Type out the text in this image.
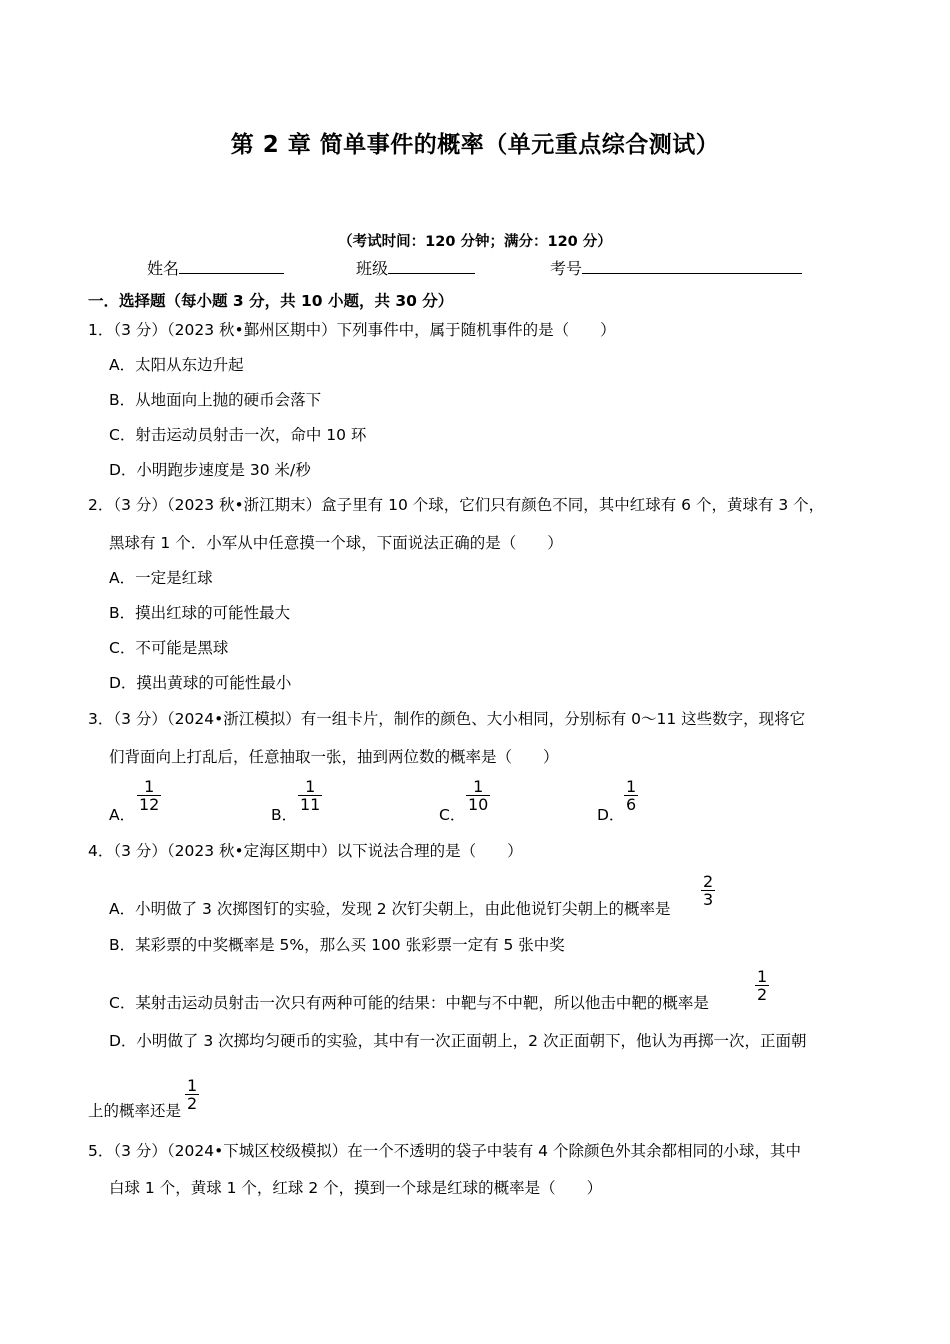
第 2 章 简单事件的概率（单元重点综合测试）
（考试时间：120 分钟；满分：120 分）
姓名	班级	考号
一．选择题（每小题 3 分，共 10 小题，共 30 分）
1．（3 分）（2023 秋•鄞州区期中）下列事件中，属于随机事件的是（　　）
A．太阳从东边升起
B．从地面向上抛的硬币会落下
C．射击运动员射击一次，命中 10 环
D．小明跑步速度是 30 米/秒
2．（3 分）（2023 秋•浙江期末）盒子里有 10 个球，它们只有颜色不同，其中红球有 6 个，黄球有 3 个，
黑球有 1 个．小军从中任意摸一个球，下面说法正确的是（　　）
A．一定是红球
B．摸出红球的可能性最大
C．不可能是黑球
D．摸出黄球的可能性最小
3．（3 分）（2024•浙江模拟）有一组卡片，制作的颜色、大小相同，分别标有 0～11 这些数字，现将它
们背面向上打乱后，任意抽取一张，抽到两位数的概率是（　　）
A．
1
12
B．
1
11
C．
1
10
D．
1
6
4．（3 分）（2023 秋•定海区期中）以下说法合理的是（　　）
A．小明做了 3 次掷图钉的实验，发现 2 次钉尖朝上，由此他说钉尖朝上的概率是
2
3
B．某彩票的中奖概率是 5%，那么买 100 张彩票一定有 5 张中奖
C．某射击运动员射击一次只有两种可能的结果：中靶与不中靶，所以他击中靶的概率是
1
2
D．小明做了 3 次掷均匀硬币的实验，其中有一次正面朝上，2 次正面朝下，他认为再掷一次，正面朝
上的概率还是
1
2
5．（3 分）（2024•下城区校级模拟）在一个不透明的袋子中装有 4 个除颜色外其余都相同的小球，其中
白球 1 个，黄球 1 个，红球 2 个，摸到一个球是红球的概率是（　　）
